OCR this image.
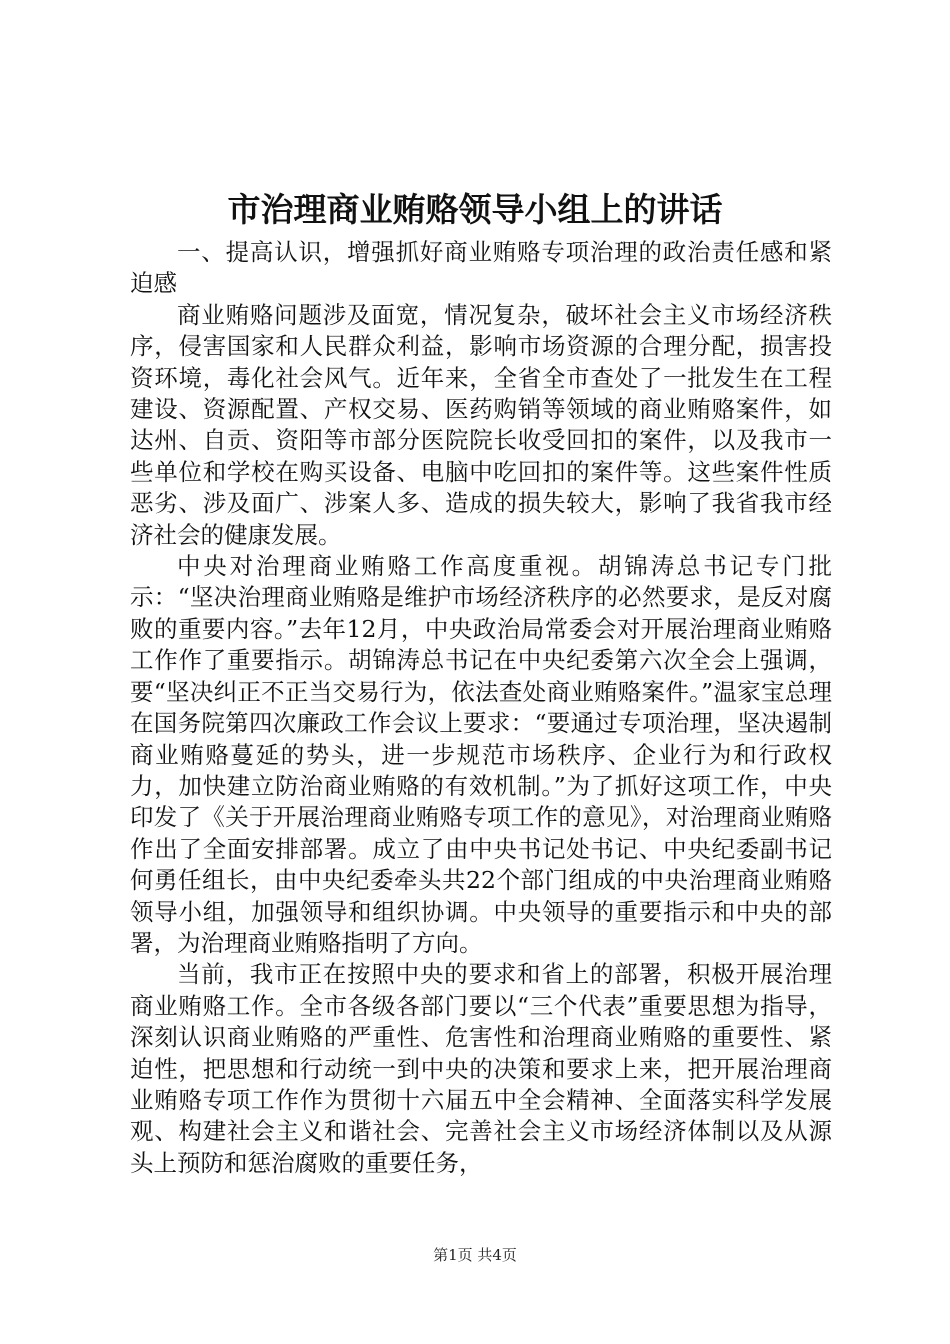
市治理商业贿赂领导小组上的讲话

一、提高认识，增强抓好商业贿赂专项治理的政治责任感和紧迫感

商业贿赂问题涉及面宽，情况复杂，破坏社会主义市场经济秩序，侵害国家和人民群众利益，影响市场资源的合理分配，损害投资环境，毒化社会风气。近年来，全省全市查处了一批发生在工程建设、资源配置、产权交易、医药购销等领域的商业贿赂案件，如达州、自贡、资阳等市部分医院院长收受回扣的案件，以及我市一些单位和学校在购买设备、电脑中吃回扣的案件等。这些案件性质恶劣、涉及面广、涉案人多、造成的损失较大，影响了我省我市经济社会的健康发展。

中央对治理商业贿赂工作高度重视。胡锦涛总书记专门批示：“坚决治理商业贿赂是维护市场经济秩序的必然要求，是反对腐败的重要内容。”去年12月，中央政治局常委会对开展治理商业贿赂工作作了重要指示。胡锦涛总书记在中央纪委第六次全会上强调，要“坚决纠正不正当交易行为，依法查处商业贿赂案件。”温家宝总理在国务院第四次廉政工作会议上要求：“要通过专项治理，坚决遏制商业贿赂蔓延的势头，进一步规范市场秩序、企业行为和行政权力，加快建立防治商业贿赂的有效机制。”为了抓好这项工作，中央印发了《关于开展治理商业贿赂专项工作的意见》，对治理商业贿赂作出了全面安排部署。成立了由中央书记处书记、中央纪委副书记何勇任组长，由中央纪委牵头共22个部门组成的中央治理商业贿赂领导小组，加强领导和组织协调。中央领导的重要指示和中央的部署，为治理商业贿赂指明了方向。

当前，我市正在按照中央的要求和省上的部署，积极开展治理商业贿赂工作。全市各级各部门要以“三个代表”重要思想为指导，深刻认识商业贿赂的严重性、危害性和治理商业贿赂的重要性、紧迫性，把思想和行动统一到中央的决策和要求上来，把开展治理商业贿赂专项工作作为贯彻十六届五中全会精神、全面落实科学发展观、构建社会主义和谐社会、完善社会主义市场经济体制以及从源头上预防和惩治腐败的重要任务，

第1页 共4页
